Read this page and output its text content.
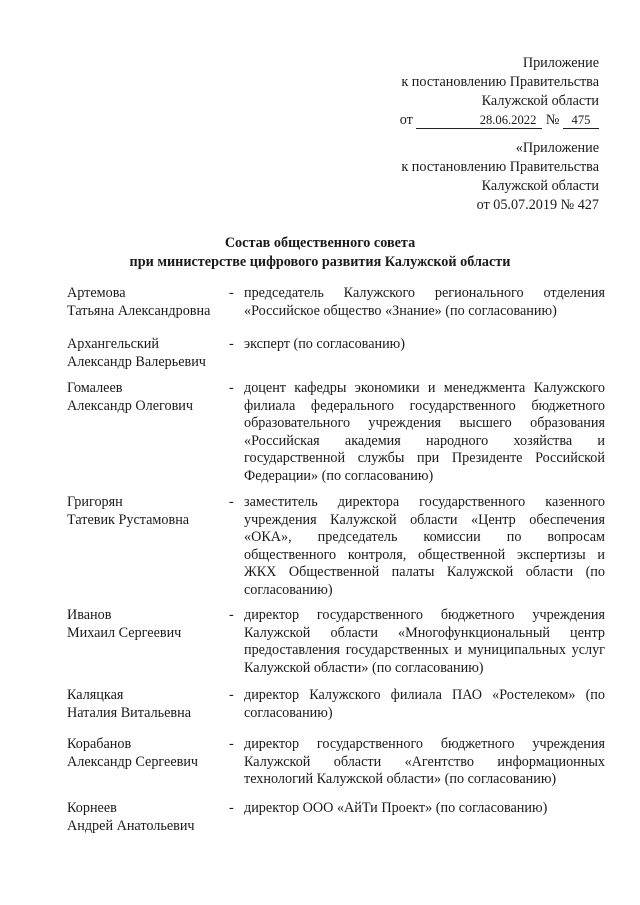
Приложение
к постановлению Правительства
Калужской области
от	28.06.2022 № 475
«Приложение
к постановлению Правительства
Калужской области
от 05.07.2019 № 427
Состав общественного совета
при министерстве цифрового развития Калужской области
Артемова
Татьяна Александровна
- председатель Калужского регионального отделения «Российское общество «Знание» (по согласованию)
Архангельский
Александр Валерьевич
- эксперт (по согласованию)
Гомалеев
Александр Олегович
- доцент кафедры экономики и менеджмента Калужского филиала федерального государственного бюджетного образовательного учреждения высшего образования «Российская академия народного хозяйства и государственной службы при Президенте Российской Федерации» (по согласованию)
Григорян
Татевик Рустамовна
- заместитель директора государственного казенного учреждения Калужской области «Центр обеспечения «ОКА», председатель комиссии по вопросам общественного контроля, общественной экспертизы и ЖКХ Общественной палаты Калужской области (по согласованию)
Иванов
Михаил Сергеевич
- директор государственного бюджетного учреждения Калужской области «Многофункциональный центр предоставления государственных и муниципальных услуг Калужской области» (по согласованию)
Каляцкая
Наталия Витальевна
- директор Калужского филиала ПАО «Ростелеком» (по согласованию)
Корабанов
Александр Сергеевич
- директор государственного бюджетного учреждения Калужской области «Агентство информационных технологий Калужской области» (по согласованию)
Корнеев
Андрей Анатольевич
- директор ООО «АйТи Проект» (по согласованию)
